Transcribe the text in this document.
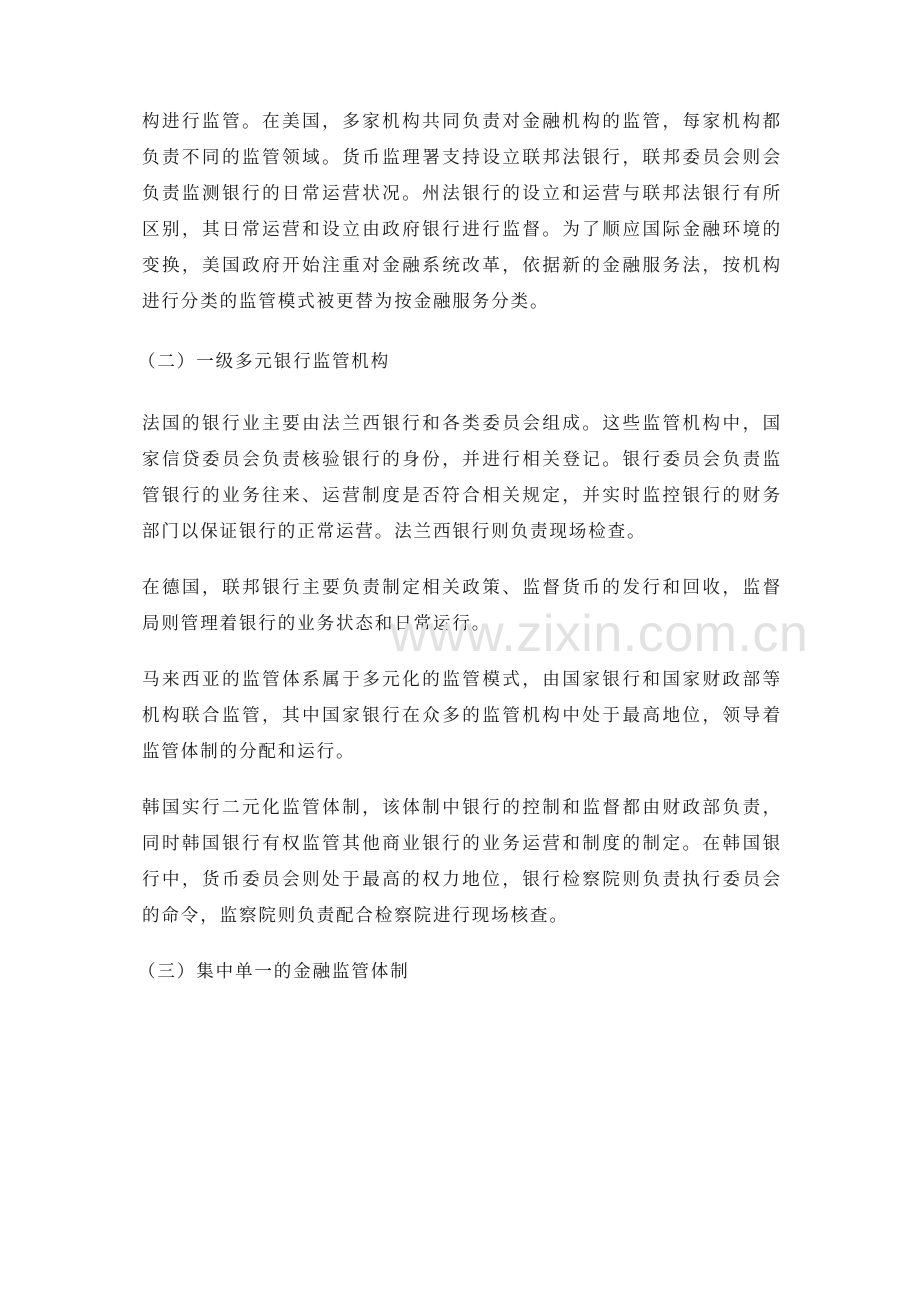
构进行监管。在美国，多家机构共同负责对金融机构的监管，每家机构都负责不同的监管领域。货币监理署支持设立联邦法银行，联邦委员会则会负责监测银行的日常运营状况。州法银行的设立和运营与联邦法银行有所区别，其日常运营和设立由政府银行进行监督。为了顺应国际金融环境的变换，美国政府开始注重对金融系统改革，依据新的金融服务法，按机构进行分类的监管模式被更替为按金融服务分类。

（二）一级多元银行监管机构

法国的银行业主要由法兰西银行和各类委员会组成。这些监管机构中，国家信贷委员会负责核验银行的身份，并进行相关登记。银行委员会负责监管银行的业务往来、运营制度是否符合相关规定，并实时监控银行的财务部门以保证银行的正常运营。法兰西银行则负责现场检查。

在德国，联邦银行主要负责制定相关政策、监督货币的发行和回收，监督局则管理着银行的业务状态和日常运行。

马来西亚的监管体系属于多元化的监管模式，由国家银行和国家财政部等机构联合监管，其中国家银行在众多的监管机构中处于最高地位，领导着监管体制的分配和运行。

韩国实行二元化监管体制，该体制中银行的控制和监督都由财政部负责，同时韩国银行有权监管其他商业银行的业务运营和制度的制定。在韩国银行中，货币委员会则处于最高的权力地位，银行检察院则负责执行委员会的命令，监察院则负责配合检察院进行现场核查。

（三）集中单一的金融监管体制

www.zixin.com.cn
